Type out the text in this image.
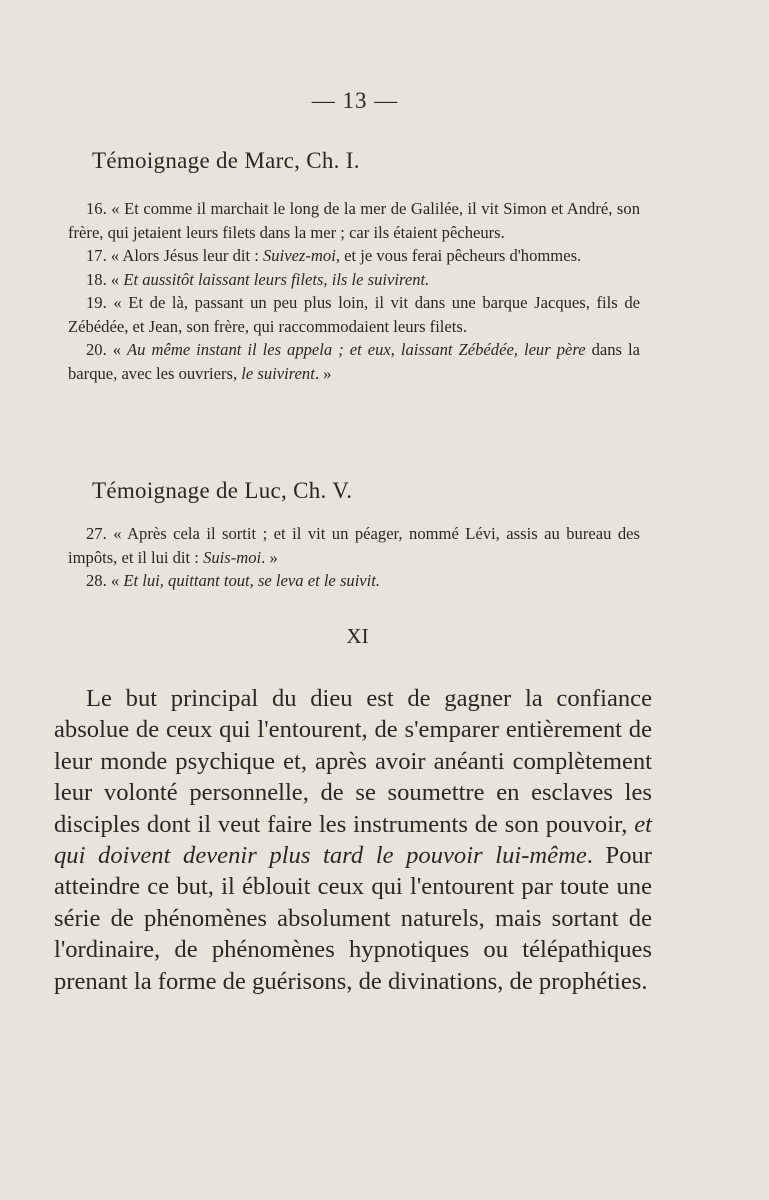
— 13 —
Témoignage de Marc, Ch. I.

16. « Et comme il marchait le long de la mer de Galilée, il vit Simon et André, son frère, qui jetaient leurs filets dans la mer ; car ils étaient pêcheurs.

17. « Alors Jésus leur dit : Suivez-moi, et je vous ferai pêcheurs d'hommes.

18. « Et aussitôt laissant leurs filets, ils le suivirent.

19. « Et de là, passant un peu plus loin, il vit dans une barque Jacques, fils de Zébédée, et Jean, son frère, qui raccommodaient leurs filets.

20. « Au même instant il les appela ; et eux, laissant Zébédée, leur père dans la barque, avec les ouvriers, le suivirent. »

Témoignage de Luc, Ch. V.

27. « Après cela il sortit ; et il vit un péager, nommé Lévi, assis au bureau des impôts, et il lui dit : Suis-moi. »

28. « Et lui, quittant tout, se leva et le suivit.

XI

Le but principal du dieu est de gagner la confiance absolue de ceux qui l'entourent, de s'emparer entièrement de leur monde psychique et, après avoir anéanti complètement leur volonté personnelle, de se soumettre en esclaves les disciples dont il veut faire les instruments de son pouvoir, et qui doivent devenir plus tard le pouvoir lui-même. Pour atteindre ce but, il éblouit ceux qui l'entourent par toute une série de phénomènes absolument naturels, mais sortant de l'ordinaire, de phénomènes hypnotiques ou télépathiques prenant la forme de guérisons, de divinations, de prophéties.
